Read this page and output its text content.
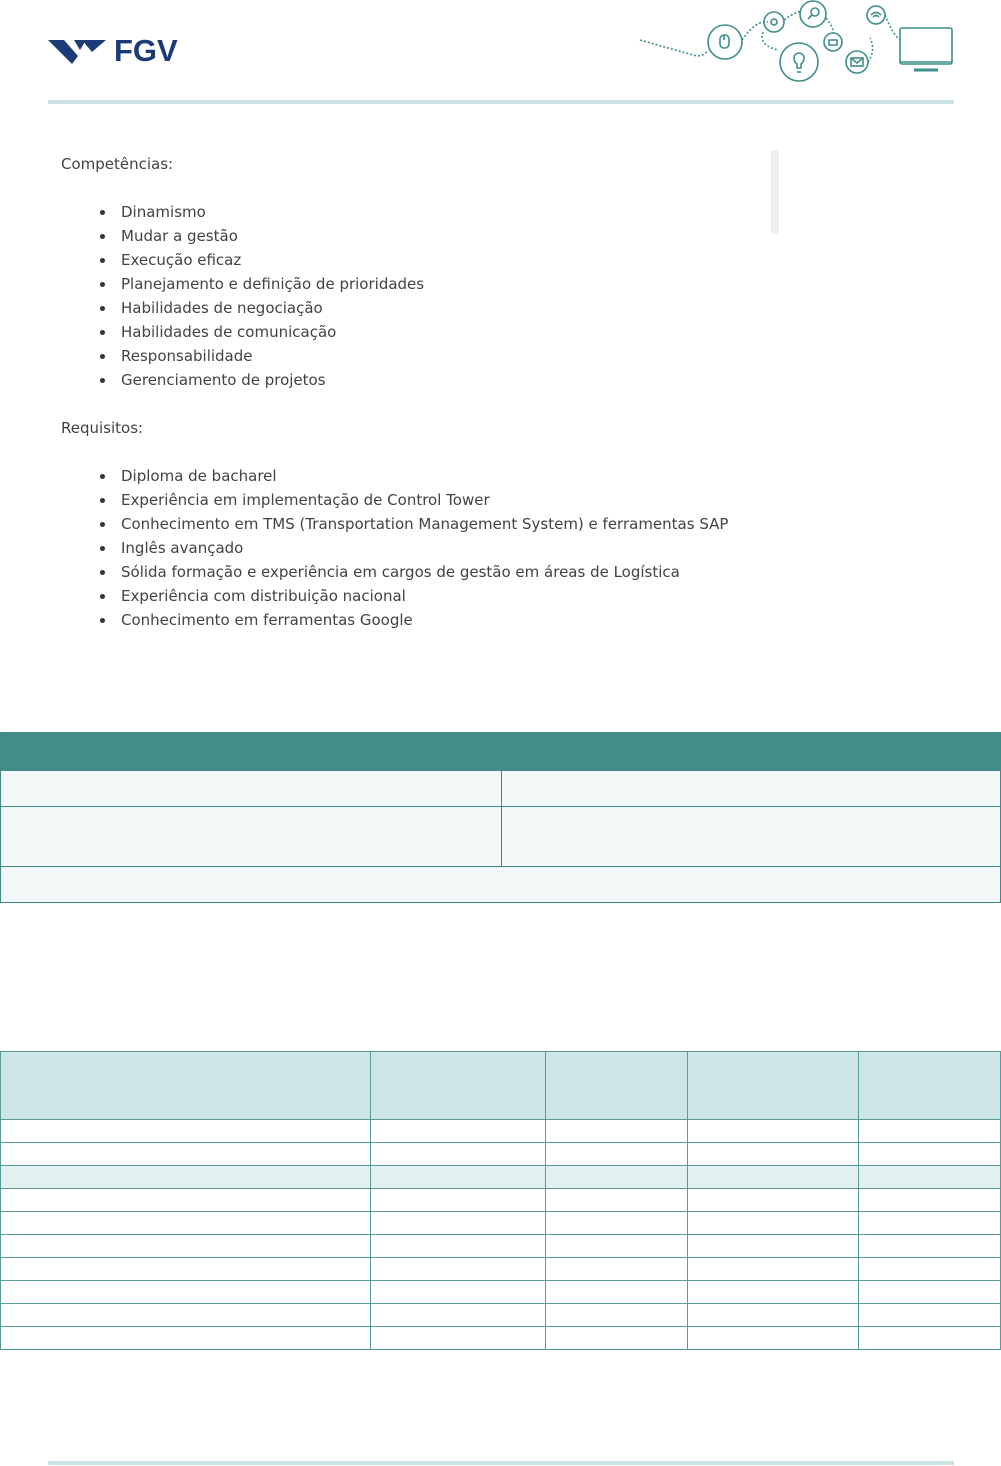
FGV

Competências:

Dinamismo
Mudar a gestão
Execução eficaz
Planejamento e definição de prioridades
Habilidades de negociação
Habilidades de comunicação
Responsabilidade
Gerenciamento de projetos

Requisitos:

Diploma de bacharel
Experiência em implementação de Control Tower
Conhecimento em TMS (Transportation Management System) e ferramentas SAP
Inglês avançado
Sólida formação e experiência em cargos de gestão em áreas de Logística
Experiência com distribuição nacional
Conhecimento em ferramentas Google
